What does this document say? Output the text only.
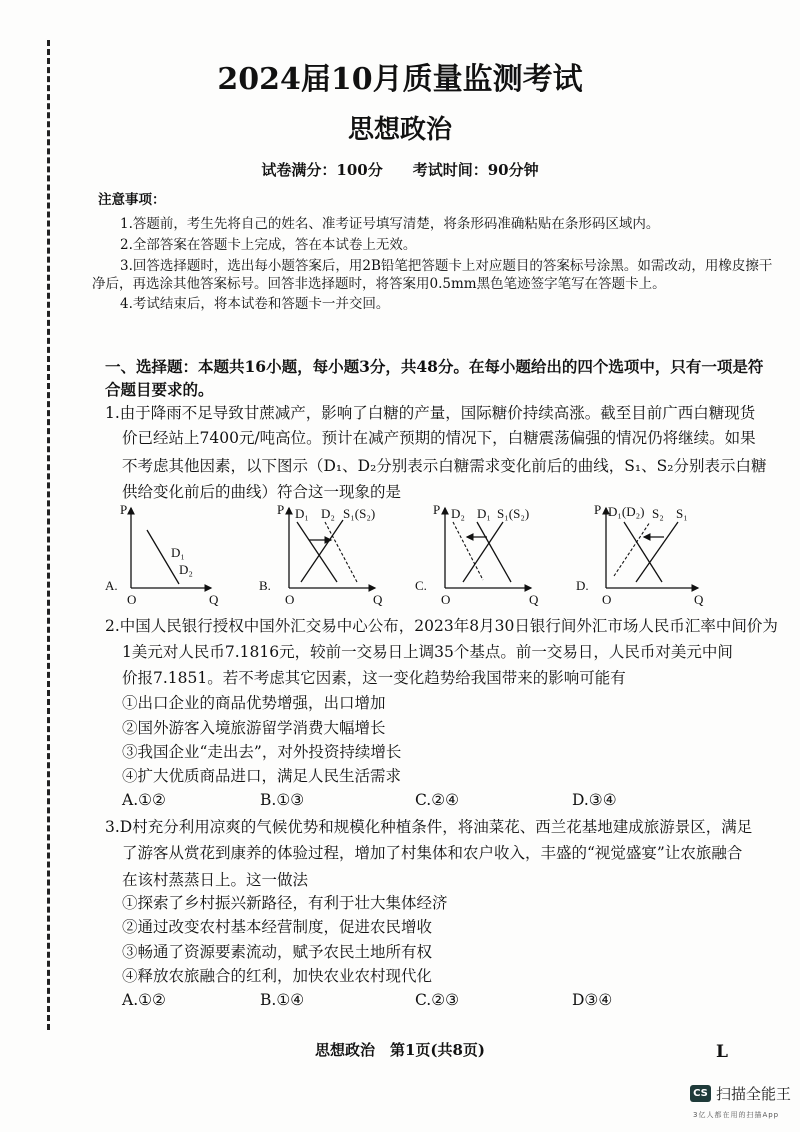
2024届10月质量监测考试
思想政治
试卷满分：100分　　考试时间：90分钟
注意事项：
1.答题前，考生先将自己的姓名、准考证号填写清楚，将条形码准确粘贴在条形码区域内。
2.全部答案在答题卡上完成，答在本试卷上无效。
3.回答选择题时，选出每小题答案后，用2B铅笔把答题卡上对应题目的答案标号涂黑。如需改动，用橡皮擦干
净后，再选涂其他答案标号。回答非选择题时，将答案用0.5mm黑色笔迹签字笔写在答题卡上。
4.考试结束后，将本试卷和答题卡一并交回。
一、选择题：本题共16小题，每小题3分，共48分。在每小题给出的四个选项中，只有一项是符
合题目要求的。
1.由于降雨不足导致甘蔗减产，影响了白糖的产量，国际糖价持续高涨。截至目前广西白糖现货
价已经站上7400元/吨高位。预计在减产预期的情况下，白糖震荡偏强的情况仍将继续。如果
不考虑其他因素，以下图示（D₁、D₂分别表示白糖需求变化前后的曲线，S₁、S₂分别表示白糖
供给变化前后的曲线）符合这一现象的是
A.
P
Q
O
D₁
D₂
B.
P
Q
O
D₁ D₂ S₁(S₂)
C.
P
Q
O
D₂ D₁ S₁(S₂)
D.
P
Q
O
D₁(D₂) S₂ S₁
2.中国人民银行授权中国外汇交易中心公布，2023年8月30日银行间外汇市场人民币汇率中间价为
1美元对人民币7.1816元，较前一交易日上调35个基点。前一交易日，人民币对美元中间
价报7.1851。若不考虑其它因素，这一变化趋势给我国带来的影响可能有
①出口企业的商品优势增强，出口增加
②国外游客入境旅游留学消费大幅增长
③我国企业“走出去”，对外投资持续增长
④扩大优质商品进口，满足人民生活需求
A.①②	B.①③	C.②④	D.③④
3.D村充分利用凉爽的气候优势和规模化种植条件，将油菜花、西兰花基地建成旅游景区，满足
了游客从赏花到康养的体验过程，增加了村集体和农户收入，丰盛的“视觉盛宴”让农旅融合
在该村蒸蒸日上。这一做法
①探索了乡村振兴新路径，有利于壮大集体经济
②通过改变农村基本经营制度，促进农民增收
③畅通了资源要素流动，赋予农民土地所有权
④释放农旅融合的红利，加快农业农村现代化
A.①②	B.①④	C.②③	D③④
思想政治　第1页(共8页)	L
CS 扫描全能王
3亿人都在用的扫描App
